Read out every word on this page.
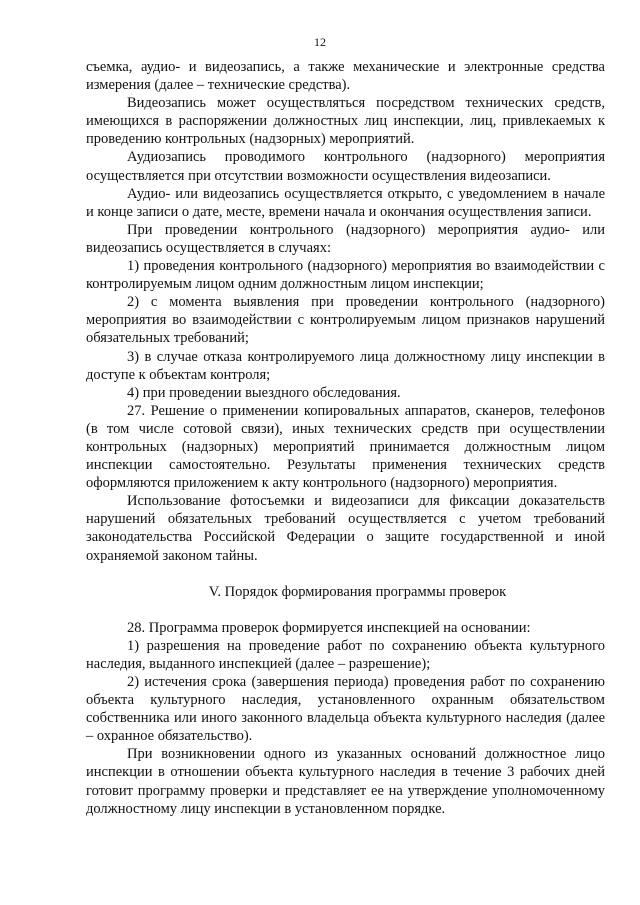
12

съемка, аудио- и видеозапись, а также механические и электронные средства измерения (далее – технические средства).

Видеозапись может осуществляться посредством технических средств, имеющихся в распоряжении должностных лиц инспекции, лиц, привлекаемых к проведению контрольных (надзорных) мероприятий.

Аудиозапись проводимого контрольного (надзорного) мероприятия осуществляется при отсутствии возможности осуществления видеозаписи.

Аудио- или видеозапись осуществляется открыто, с уведомлением в начале и конце записи о дате, месте, времени начала и окончания осуществления записи.

При проведении контрольного (надзорного) мероприятия аудио- или видеозапись осуществляется в случаях:

1) проведения контрольного (надзорного) мероприятия во взаимодействии с контролируемым лицом одним должностным лицом инспекции;

2) с момента выявления при проведении контрольного (надзорного) мероприятия во взаимодействии с контролируемым лицом признаков нарушений обязательных требований;

3) в случае отказа контролируемого лица должностному лицу инспекции в доступе к объектам контроля;

4) при проведении выездного обследования.

27. Решение о применении копировальных аппаратов, сканеров, телефонов (в том числе сотовой связи), иных технических средств при осуществлении контрольных (надзорных) мероприятий принимается должностным лицом инспекции самостоятельно. Результаты применения технических средств оформляются приложением к акту контрольного (надзорного) мероприятия.

Использование фотосъемки и видеозаписи для фиксации доказательств нарушений обязательных требований осуществляется с учетом требований законодательства Российской Федерации о защите государственной и иной охраняемой законом тайны.

V. Порядок формирования программы проверок

28. Программа проверок формируется инспекцией на основании:

1) разрешения на проведение работ по сохранению объекта культурного наследия, выданного инспекцией (далее – разрешение);

2) истечения срока (завершения периода) проведения работ по сохранению объекта культурного наследия, установленного охранным обязательством собственника или иного законного владельца объекта культурного наследия (далее – охранное обязательство).

При возникновении одного из указанных оснований должностное лицо инспекции в отношении объекта культурного наследия в течение 3 рабочих дней готовит программу проверки и представляет ее на утверждение уполномоченному должностному лицу инспекции в установленном порядке.
